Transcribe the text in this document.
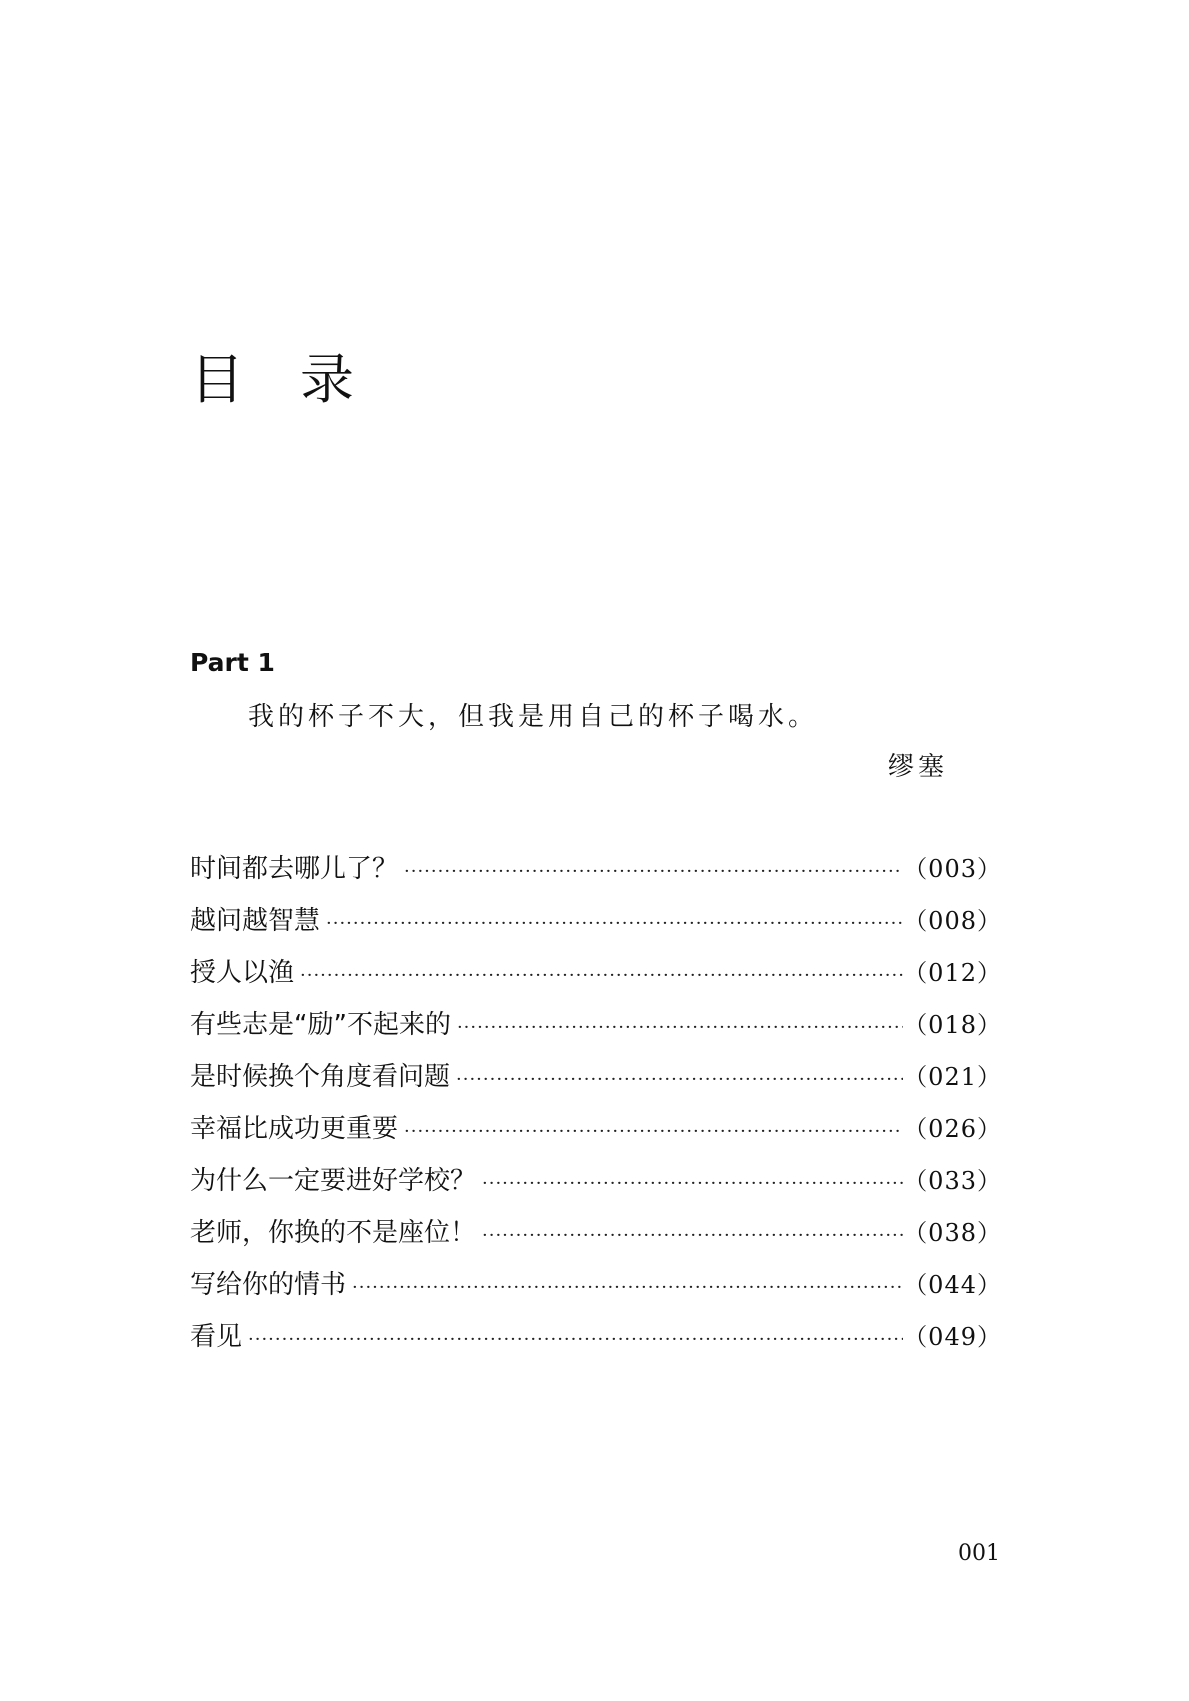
目录
Part 1
我的杯子不大，但我是用自己的杯子喝水。
缪塞
时间都去哪儿了？ ·····	（003）
越问越智慧 ·····	（008）
授人以渔 ·····	（012）
有些志是“励”不起来的 ·····	（018）
是时候换个角度看问题 ·····	（021）
幸福比成功更重要 ·····	（026）
为什么一定要进好学校？ ·····	（033）
老师，你换的不是座位！ ·····	（038）
写给你的情书 ·····	（044）
看见 ·····	（049）
001
